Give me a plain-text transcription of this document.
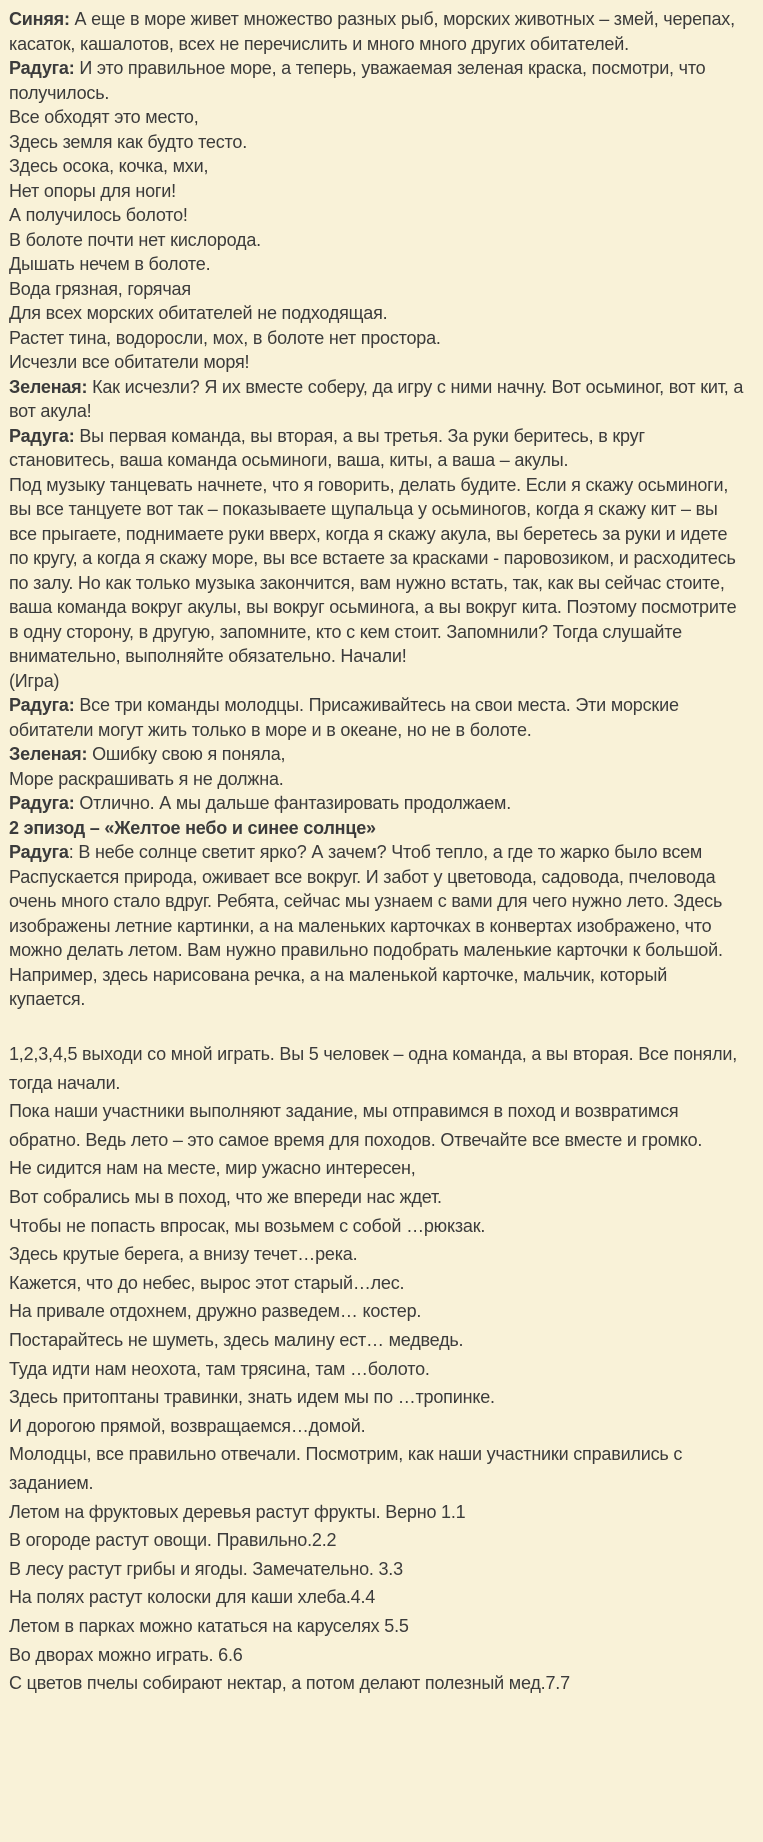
Синяя: А еще в море живет множество разных рыб, морских животных – змей, черепах, касаток, кашалотов, всех не перечислить и много много других обитателей.

Радуга: И это правильное море, а теперь, уважаемая зеленая краска, посмотри, что получилось.

Все обходят это место,

Здесь земля как будто тесто.

Здесь осока, кочка, мхи,

Нет опоры для ноги!

А получилось болото!

В болоте почти нет кислорода.

Дышать нечем в болоте.

Вода грязная, горячая

Для всех морских обитателей не подходящая.

Растет тина, водоросли, мох, в болоте нет простора.

Исчезли все обитатели моря!

Зеленая: Как исчезли? Я их вместе соберу, да игру с ними начну. Вот осьминог, вот кит, а вот акула!

Радуга: Вы первая команда, вы вторая, а вы третья. За руки беритесь, в круг становитесь, ваша команда осьминоги, ваша, киты, а ваша – акулы.

Под музыку танцевать начнете, что я говорить, делать будите. Если я скажу осьминоги, вы все танцуете вот так – показываете щупальца у осьминогов, когда я скажу кит – вы все прыгаете, поднимаете руки вверх, когда я скажу акула, вы беретесь за руки и идете по кругу, а когда я скажу море, вы все встаете за красками - паровозиком, и расходитесь по залу. Но как только музыка закончится, вам нужно встать, так, как вы сейчас стоите, ваша команда вокруг акулы, вы вокруг осьминога, а вы вокруг кита. Поэтому посмотрите в одну сторону, в другую, запомните, кто с кем стоит. Запомнили? Тогда слушайте внимательно, выполняйте обязательно. Начали!

(Игра)

Радуга: Все три команды молодцы. Присаживайтесь на свои места. Эти морские обитатели могут жить только в море и в океане, но не в болоте.

Зеленая: Ошибку свою я поняла,

Море раскрашивать я не должна.

Радуга: Отлично. А мы дальше фантазировать продолжаем.

2 эпизод – «Желтое небо и синее солнце»

Радуга: В небе солнце светит ярко? А зачем? Чтоб тепло, а где то жарко было всем Распускается природа, оживает все вокруг. И забот у цветовода, садовода, пчеловода очень много стало вдруг. Ребята, сейчас мы узнаем с вами для чего нужно лето. Здесь изображены летние картинки, а на маленьких карточках в конвертах изображено, что можно делать летом. Вам нужно правильно подобрать маленькие карточки к большой. Например, здесь нарисована речка, а на маленькой карточке, мальчик, который купается.

1,2,3,4,5 выходи со мной играть. Вы 5 человек – одна команда, а вы вторая. Все поняли, тогда начали.

Пока наши участники выполняют задание, мы отправимся в поход и возвратимся обратно. Ведь лето – это самое время для походов. Отвечайте все вместе и громко.

Не сидится нам на месте, мир ужасно интересен,

Вот собрались мы в поход, что же впереди нас ждет.

Чтобы не попасть впросак, мы возьмем с собой …рюкзак.

Здесь крутые берега, а внизу течет…река.

Кажется, что до небес, вырос этот старый…лес.

На привале отдохнем, дружно разведем… костер.

Постарайтесь не шуметь, здесь малину ест… медведь.

Туда идти нам неохота, там трясина, там …болото.

Здесь притоптаны травинки, знать идем мы по …тропинке.

И дорогою прямой, возвращаемся…домой.

Молодцы, все правильно отвечали. Посмотрим, как наши участники справились с заданием.

Летом на фруктовых деревья растут фрукты. Верно 1.1

В огороде растут овощи. Правильно.2.2

В лесу растут грибы и ягоды. Замечательно. 3.3

На полях растут колоски для каши хлеба.4.4

Летом в парках можно кататься на каруселях 5.5

Во дворах можно играть. 6.6

С цветов пчелы собирают нектар, а потом делают полезный мед.7.7
